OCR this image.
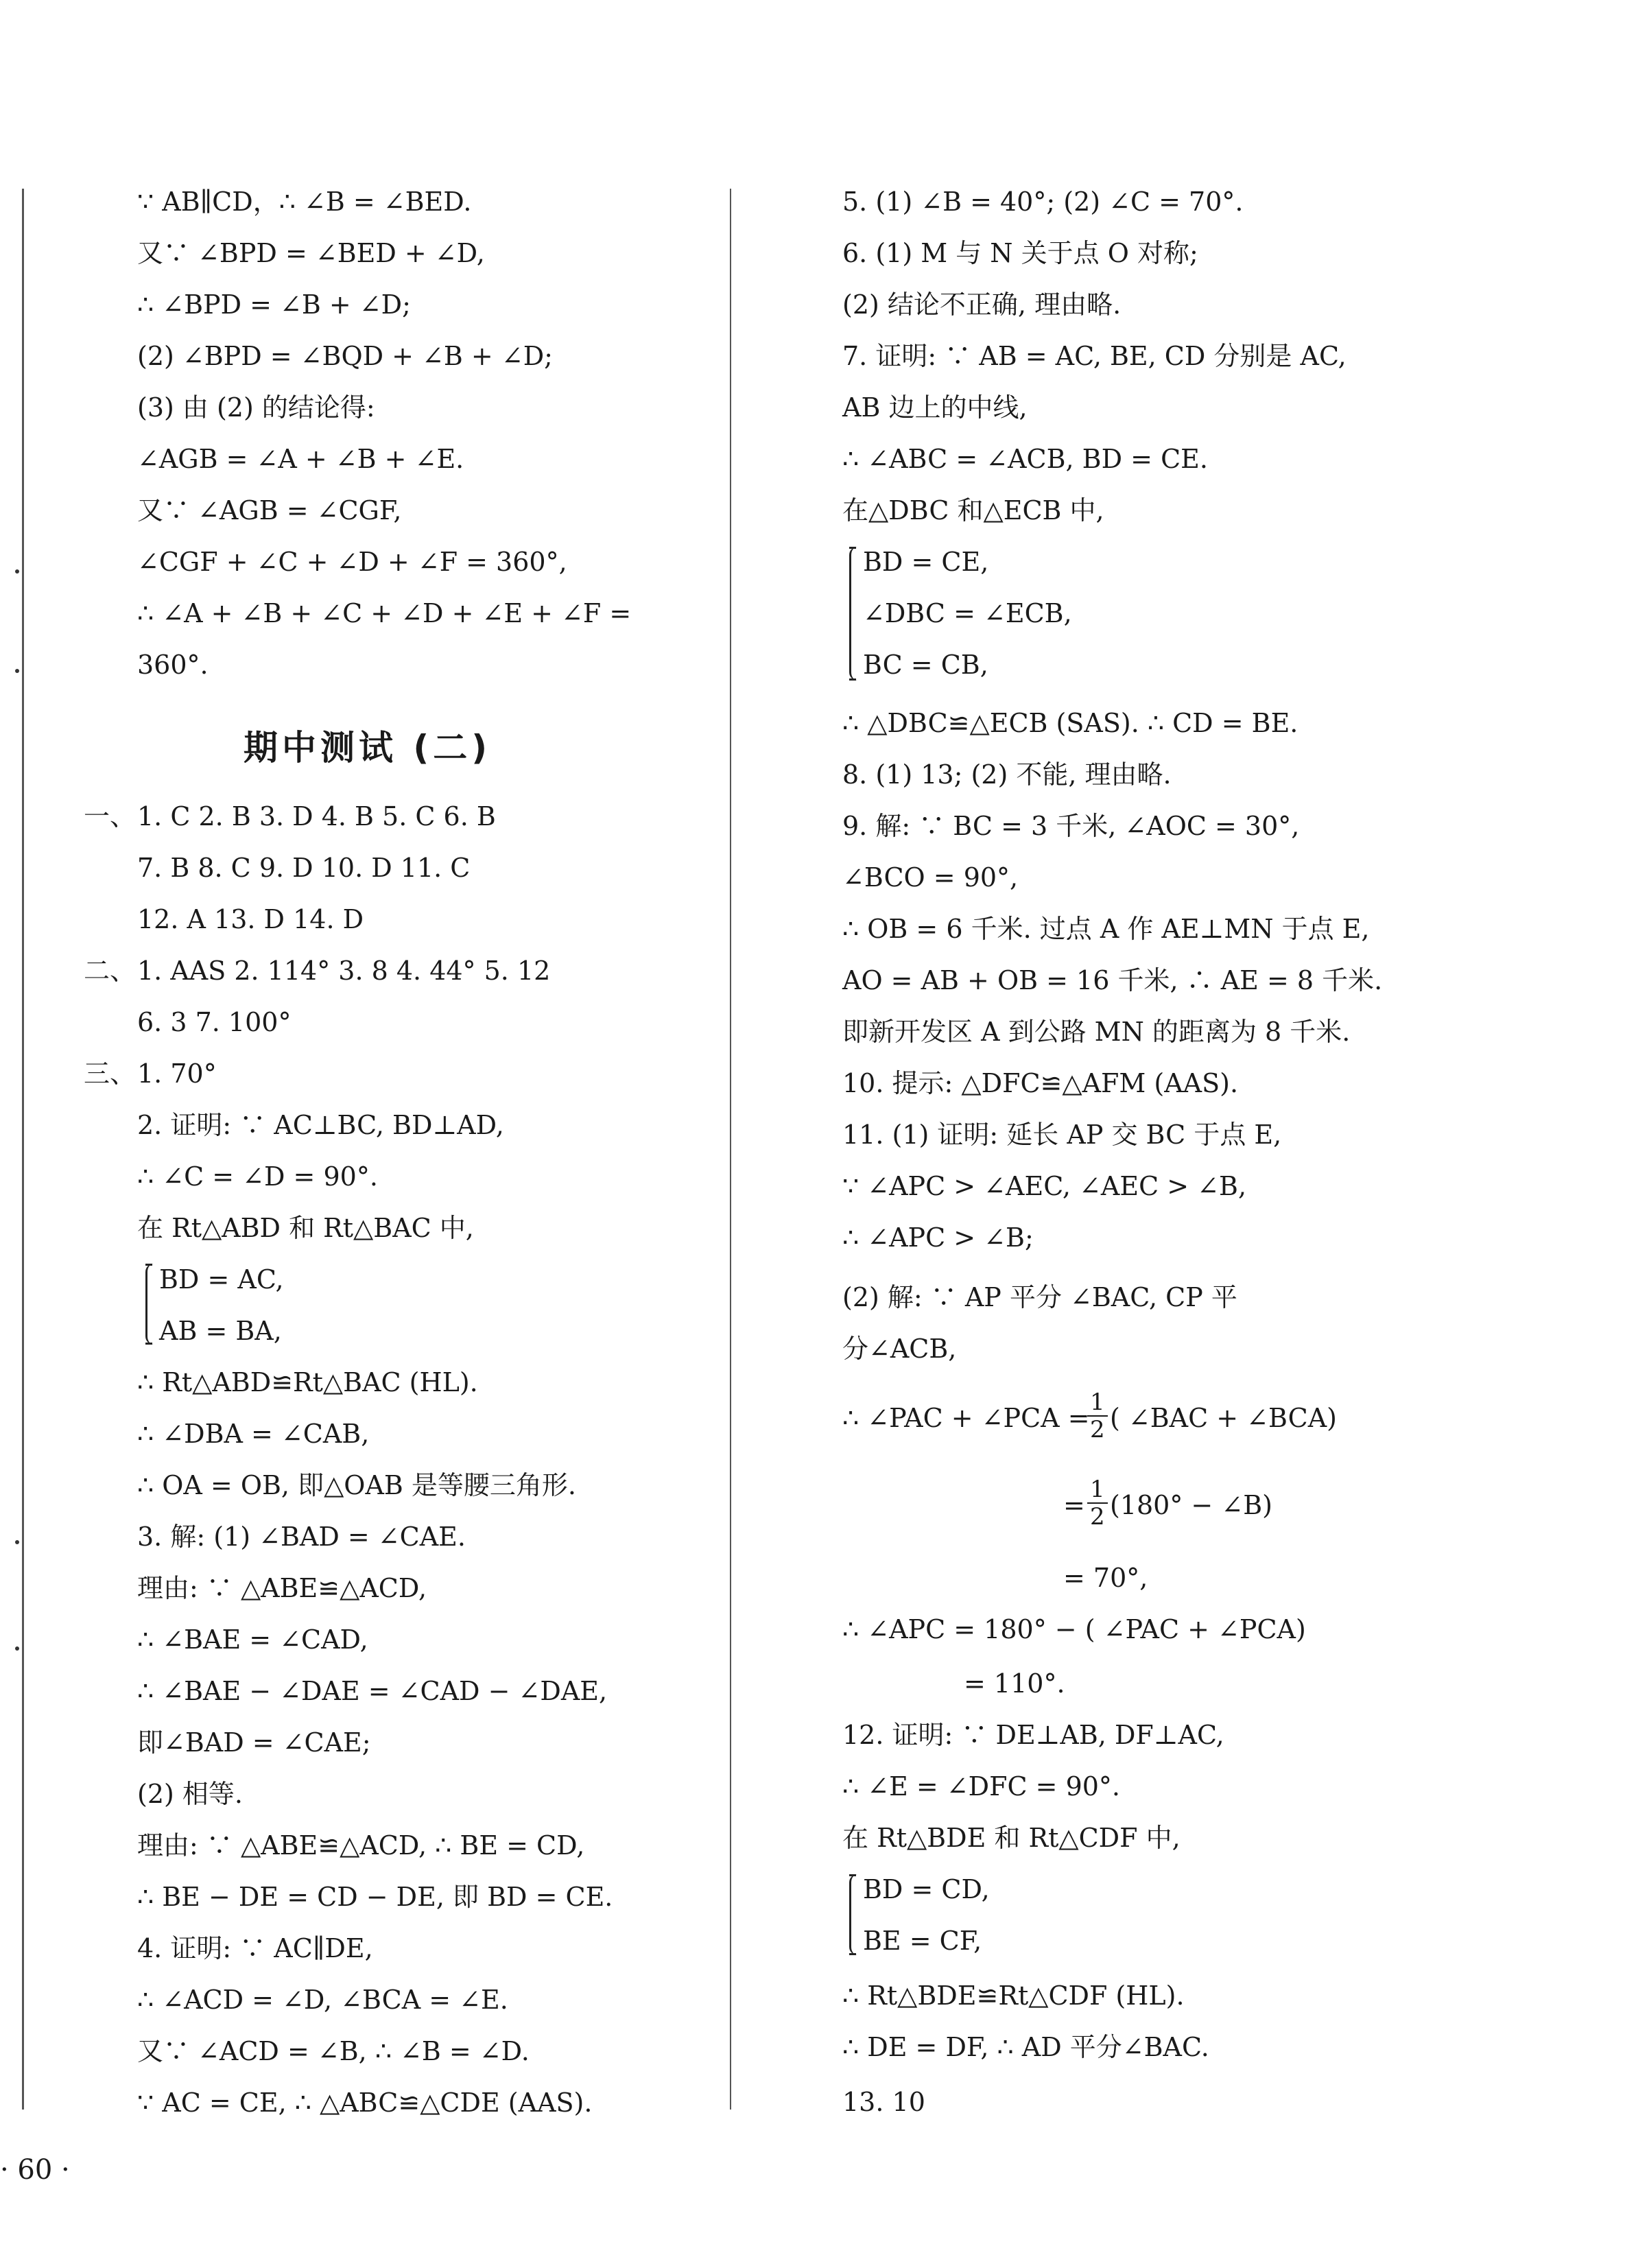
∵ AB∥CD，∴ ∠B = ∠BED.
又∵ ∠BPD = ∠BED + ∠D,
∴ ∠BPD = ∠B + ∠D;
(2) ∠BPD = ∠BQD + ∠B + ∠D;
(3) 由 (2) 的结论得:
∠AGB = ∠A + ∠B + ∠E.
又∵ ∠AGB = ∠CGF,
∠CGF + ∠C + ∠D + ∠F = 360°,
∴ ∠A + ∠B + ∠C + ∠D + ∠E + ∠F =
360°.
期中测试 (二)
一、 1. C 2. B 3. D 4. B 5. C 6. B
7. B 8. C 9. D 10. D 11. C
12. A 13. D 14. D
二、 1. AAS 2. 114° 3. 8 4. 44° 5. 12
6. 3 7. 100°
三、 1. 70°
2. 证明: ∵ AC⊥BC, BD⊥AD,
∴ ∠C = ∠D = 90°.
在 Rt△ABD 和 Rt△BAC 中,
BD = AC,
AB = BA,
∴ Rt△ABD≌Rt△BAC (HL).
∴ ∠DBA = ∠CAB,
∴ OA = OB, 即△OAB 是等腰三角形.
3. 解: (1) ∠BAD = ∠CAE.
理由: ∵ △ABE≌△ACD,
∴ ∠BAE = ∠CAD,
∴ ∠BAE − ∠DAE = ∠CAD − ∠DAE,
即∠BAD = ∠CAE;
(2) 相等.
理由: ∵ △ABE≌△ACD, ∴ BE = CD,
∴ BE − DE = CD − DE, 即 BD = CE.
4. 证明: ∵ AC∥DE,
∴ ∠ACD = ∠D, ∠BCA = ∠E.
又∵ ∠ACD = ∠B, ∴ ∠B = ∠D.
∵ AC = CE, ∴ △ABC≌△CDE (AAS).
5. (1) ∠B = 40°; (2) ∠C = 70°.
6. (1) M 与 N 关于点 O 对称;
(2) 结论不正确, 理由略.
7. 证明: ∵ AB = AC, BE, CD 分别是 AC,
AB 边上的中线,
∴ ∠ABC = ∠ACB, BD = CE.
在△DBC 和△ECB 中,
BD = CE,
∠DBC = ∠ECB,
BC = CB,
∴ △DBC≌△ECB (SAS). ∴ CD = BE.
8. (1) 13; (2) 不能, 理由略.
9. 解: ∵ BC = 3 千米, ∠AOC = 30°,
∠BCO = 90°,
∴ OB = 6 千米. 过点 A 作 AE⊥MN 于点 E,
AO = AB + OB = 16 千米, ∴ AE = 8 千米.
即新开发区 A 到公路 MN 的距离为 8 千米.
10. 提示: △DFC≌△AFM (AAS).
11. (1) 证明: 延长 AP 交 BC 于点 E,
∵ ∠APC > ∠AEC, ∠AEC > ∠B,
∴ ∠APC > ∠B;
(2) 解: ∵ AP 平分 ∠BAC, CP 平
分∠ACB,
∴ ∠PAC + ∠PCA =
$\frac{1}{2}$ ( ∠BAC + ∠BCA)
= $\frac{1}{2} (180^\circ$ − ∠B)
= 70°,
∴ ∠APC = 180° − ( ∠PAC + ∠PCA)
= 110°.
12. 证明: ∵ DE⊥AB, DF⊥AC,
∴ ∠E = ∠DFC = 90°.
在 Rt△BDE 和 Rt△CDF 中,
BD = CD,
BE = CF,
∴ Rt△BDE≌Rt△CDF (HL).
∴ DE = DF, ∴ AD 平分∠BAC.
13. 10
· 60 ·
